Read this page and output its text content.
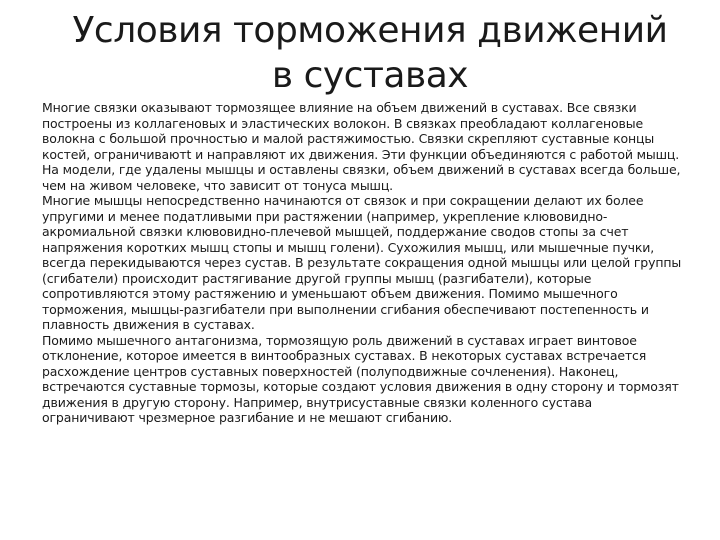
Условия торможения движений в суставах

Многие связки оказывают тормозящее влияние на объем движений в суставах. Все связки построены из коллагеновых и эластических волокон. В связках преобладают коллагеновые волокна с большой прочностью и малой растяжимостью. Связки скрепляют суставные концы костей, ограничиваютt и направляют их движения. Эти функции объединяются с работой мышц. На модели, где удалены мышцы и оставлены связки, объем движений в суставах всегда больше, чем на живом человеке, что зависит от тонуса мышц.

Многие мышцы непосредственно начинаются от связок и при сокращении делают их более упругими и менее податливыми при растяжении (например, укрепление клювовидно-акромиальной связки клювовидно-плечевой мышцей, поддержание сводов стопы за счет напряжения коротких мышц стопы и мышц голени). Сухожилия мышц, или мышечные пучки, всегда перекидываются через сустав. В результате сокращения одной мышцы или целой группы (сгибатели) происходит растягивание другой группы мышц (разгибатели), которые сопротивляются этому растяжению и уменьшают объем движения. Помимо мышечного торможения, мышцы-разгибатели при выполнении сгибания обеспечивают постепенность и плавность движения в суставах.

Помимо мышечного антагонизма, тормозящую роль движений в суставах играет винтовое отклонение, которое имеется в винтообразных суставах. В некоторых суставах встречается расхождение центров суставных поверхностей (полуподвижные сочленения). Наконец, встречаются суставные тормозы, которые создают условия движения в одну сторону и тормозят движения в другую сторону. Например, внутрисуставные связки коленного сустава ограничивают чрезмерное разгибание и не мешают сгибанию.
